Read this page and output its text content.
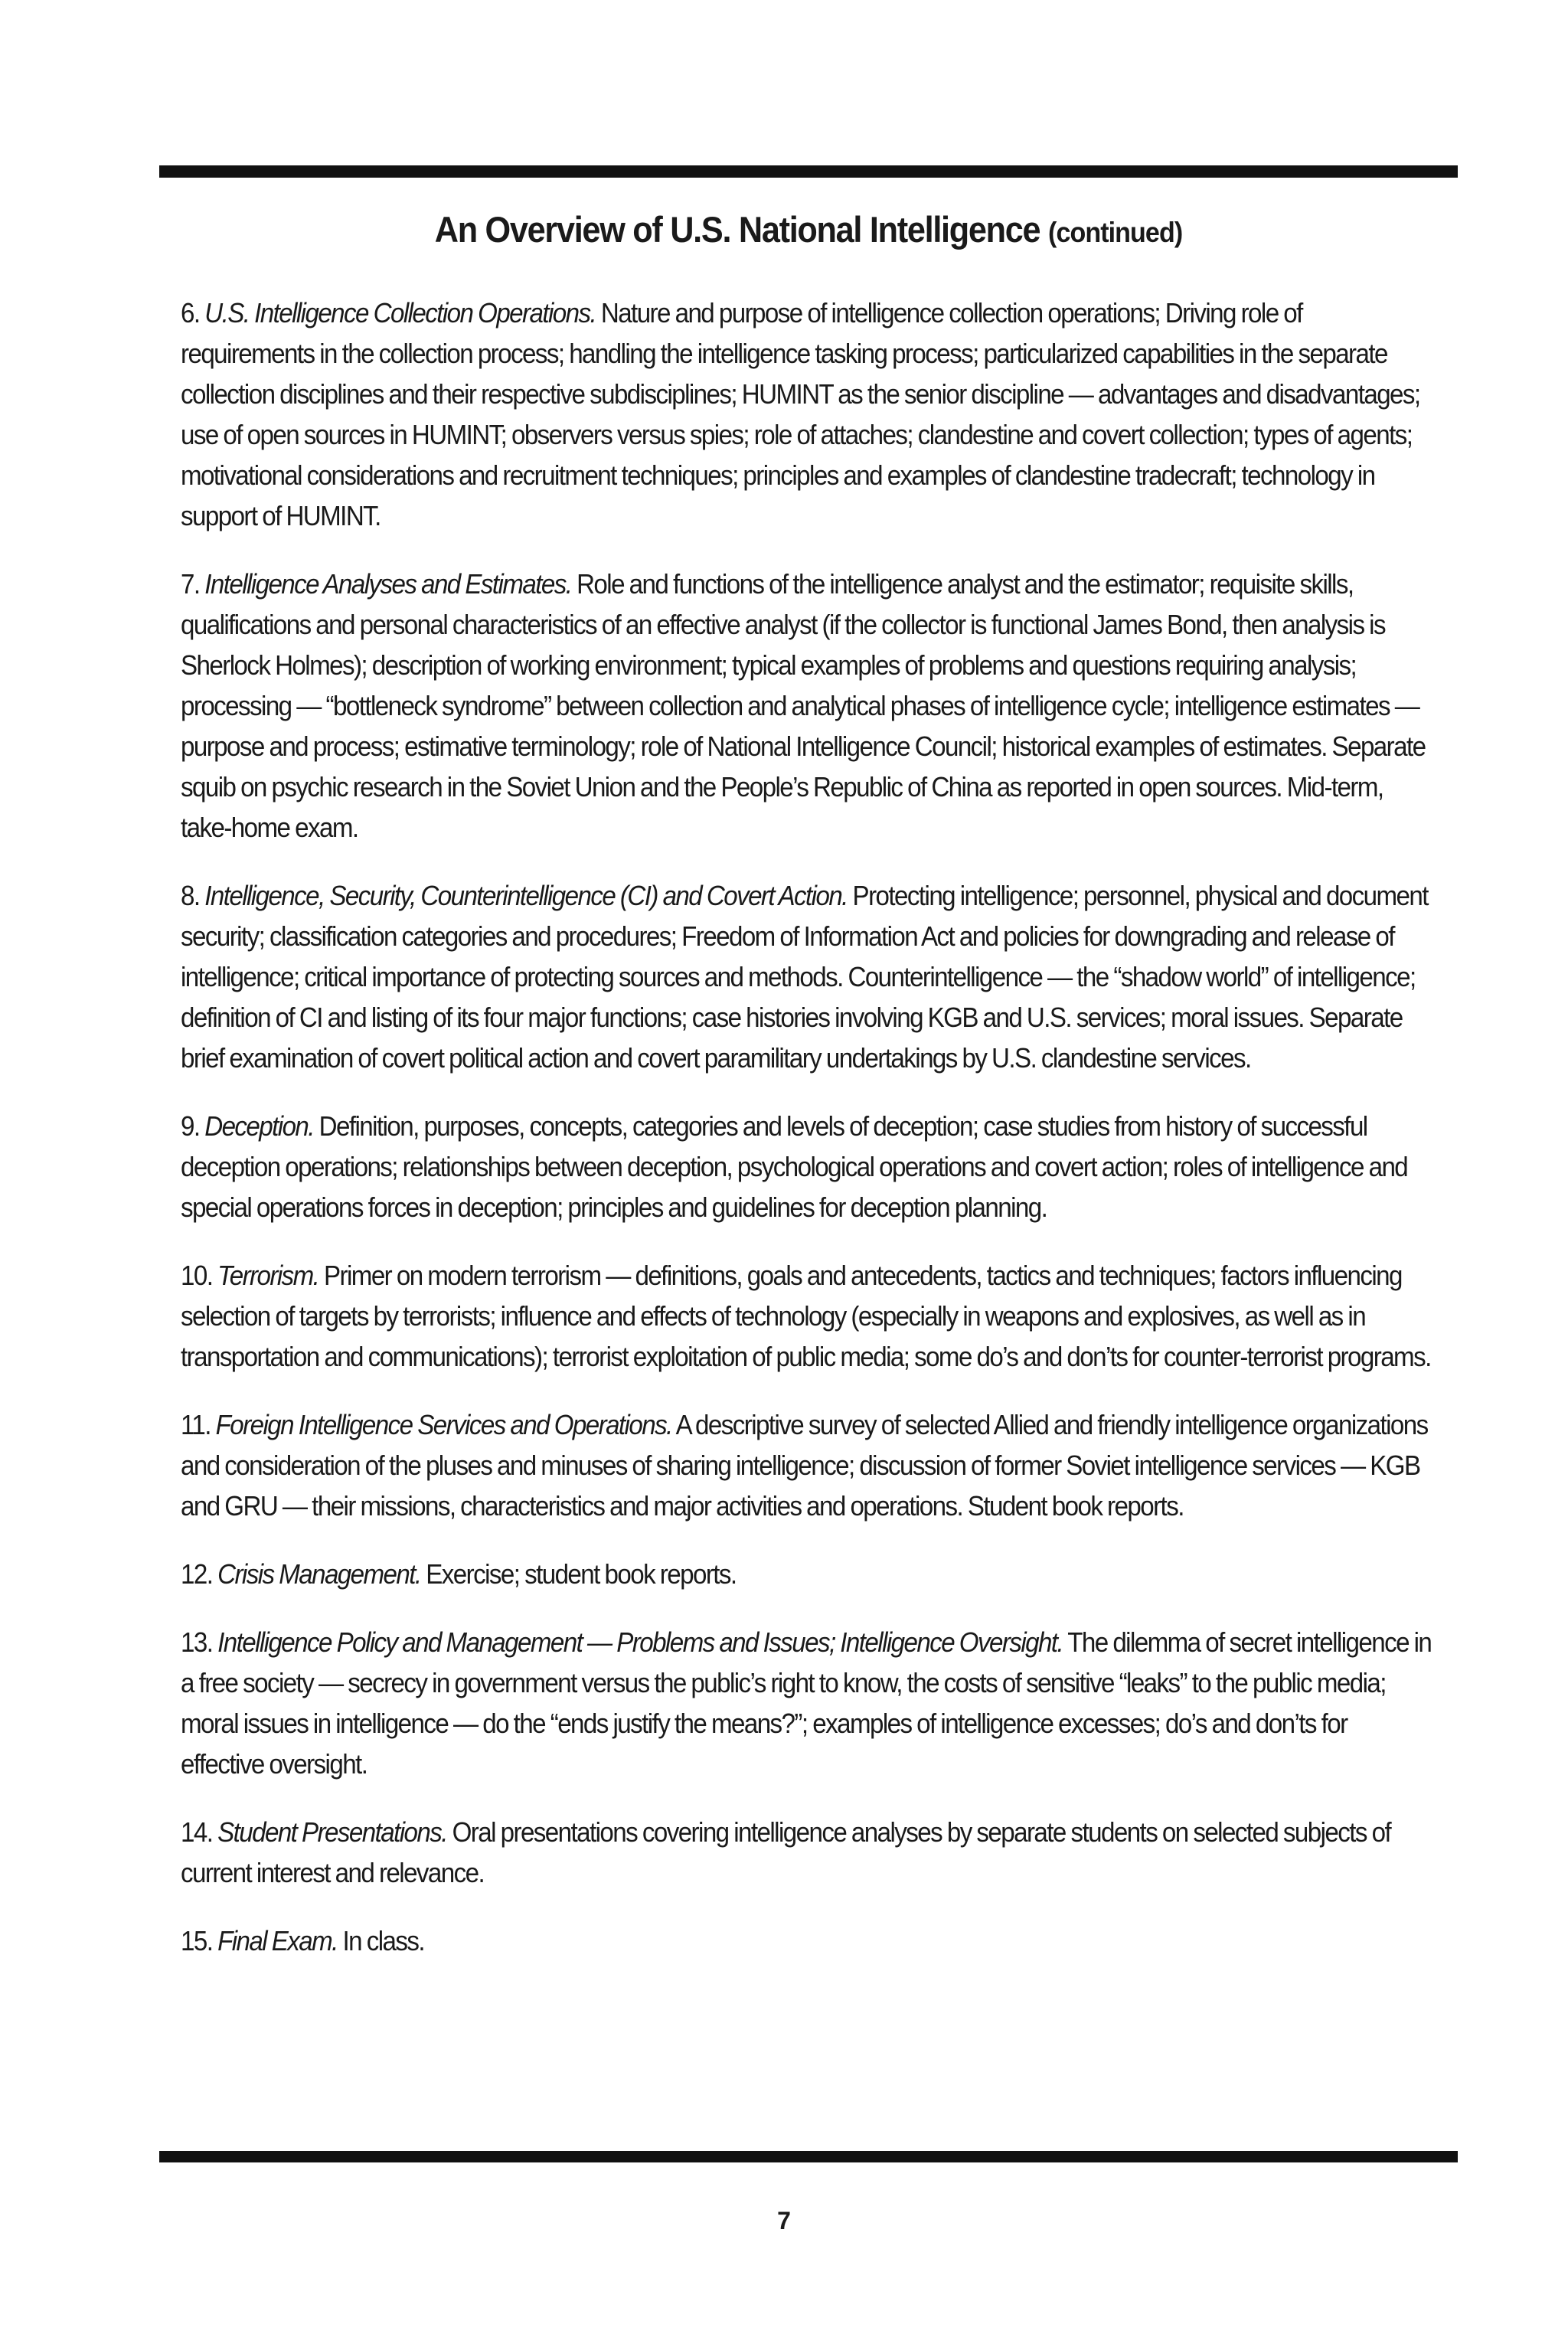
An Overview of U.S. National Intelligence (continued)

6. U.S. Intelligence Collection Operations. Nature and purpose of intelligence collection operations; Driving role of requirements in the collection process; handling the intelligence tasking process; particularized capabilities in the separate collection disciplines and their respective subdisciplines; HUMINT as the senior discipline — advantages and disadvantages; use of open sources in HUMINT; observers versus spies; role of attaches; clandestine and covert collection; types of agents; motivational considerations and recruitment techniques; principles and examples of clandestine tradecraft; technology in support of HUMINT.

7. Intelligence Analyses and Estimates. Role and functions of the intelligence analyst and the estimator; requisite skills, qualifications and personal characteristics of an effective analyst (if the collector is functional James Bond, then analysis is Sherlock Holmes); description of working environment; typical examples of problems and questions requiring analysis; processing — “bottleneck syndrome” between collection and analytical phases of intelligence cycle; intelligence estimates — purpose and process; estimative terminology; role of National Intelligence Council; historical examples of estimates. Separate squib on psychic research in the Soviet Union and the People’s Republic of China as reported in open sources. Mid-term, take-home exam.

8. Intelligence, Security, Counterintelligence (CI) and Covert Action. Protecting intelligence; personnel, physical and document security; classification categories and procedures; Freedom of Information Act and policies for downgrading and release of intelligence; critical importance of protecting sources and methods. Counterintelligence — the “shadow world” of intelligence; definition of CI and listing of its four major functions; case histories involving KGB and U.S. services; moral issues. Separate brief examination of covert political action and covert paramilitary undertakings by U.S. clandestine services.

9. Deception. Definition, purposes, concepts, categories and levels of deception; case studies from history of successful deception operations; relationships between deception, psychological operations and covert action; roles of intelligence and special operations forces in deception; principles and guidelines for deception planning.

10. Terrorism. Primer on modern terrorism — definitions, goals and antecedents, tactics and techniques; factors influencing selection of targets by terrorists; influence and effects of technology (especially in weapons and explosives, as well as in transportation and communications); terrorist exploitation of public media; some do’s and don’ts for counter-terrorist programs.

11. Foreign Intelligence Services and Operations. A descriptive survey of selected Allied and friendly intelligence organizations and consideration of the pluses and minuses of sharing intelligence; discussion of former Soviet intelligence services — KGB and GRU — their missions, characteristics and major activities and operations. Student book reports.

12. Crisis Management. Exercise; student book reports.

13. Intelligence Policy and Management — Problems and Issues; Intelligence Oversight. The dilemma of secret intelligence in a free society — secrecy in government versus the public’s right to know, the costs of sensitive “leaks” to the public media; moral issues in intelligence — do the “ends justify the means?”; examples of intelligence excesses; do’s and don’ts for effective oversight.

14. Student Presentations. Oral presentations covering intelligence analyses by separate students on selected subjects of current interest and relevance.

15. Final Exam. In class.

7
